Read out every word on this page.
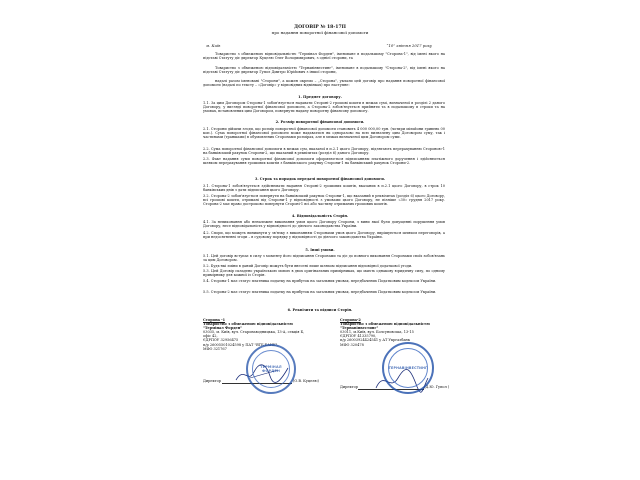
ДОГОВІР № 18-17П
про надання поворотної фінансової допомоги
м. Київ	“10” квітня 2017 року

Товариство з обмеженою відповідальністю "Термінал Форден", іменоване в подальшому "Сторона-1", від імені якого на підставі Статуту діє директор Куцелю Олег Володимирович, з однієї сторони, та

Товариство з обмеженою відповідальністю "Тернавінвестинг", іменоване в подальшому "Сторона-2", від імені якого на підставі Статуту діє директор Гупол Дмитро Юрійович з іншої сторони,

надалі разом іменовані "Сторони", а кожен окремо – „Сторона", уклали цей договір про надання поворотної фінансової допомоги (надалі по тексту – «Договір» у відповідних відмінках) про наступне:

1. Предмет договору.

1.1. За цим Договором Сторона-1 зобов'язується надавати Стороні-2 грошові кошти в межах сумі, визначеної в розділі 2 даного Договору, у вигляді поворотної фінансової допомоги, а Сторона-2 зобов'язується прийняти та в подальшому в строки та на умовах, встановлених цим Договором, повернути надану поворотну фінансову допомогу.

2. Розмір поворотної фінансової допомоги.

2.1. Сторони дійшли згоди, що розмір поворотної фінансової допомоги становить 4 000 000,00 грн. (чотири мільйони гривень 00 коп.). Сума поворотної фінансової допомоги може надаватися як одноразово на всю визначену цим Договором суму, так і частинами (траншами) в обумовлених Сторонами розмірах, але в межах визначеної цим Договором суми.

2.2. Сума поворотної фінансової допомоги в межах сум, вказаної в п.2.1 цього Договору, підлягають перерахуванню Стороною-1 на банківський рахунок Сторони-2, що вказаний в реквізитах (розділ 6) даного Договору.

2.3. Факт надання суми поворотної фінансової допомоги оформлюється підписанням платіжного доручення і здійснюється шляхом перерахування грошових коштів з банківського рахунку Сторони-1 на банківський рахунок Сторони-2.

3. Строк та порядок передачі поворотної фінансової допомоги.

3.1. Сторона-1 зобов'язується здійснювати надання Стороні-2 грошових коштів, вказаних в п.2.1 цього Договору, в строк 10 банківських днів з дати підписання цього Договору.

3.2. Сторона-2 зобов'язується повернути на банківський рахунок Сторони-1, що вказаний в реквізитах (розділ 6) цього Договору, всі грошові кошти, отримані від Сторони-1 у відповідності з умовами цього Договору, не пізніше «30» грудня 2017 року. Сторона-2 має право достроково повернути Стороні-1 всі або частину отриманих грошових коштів.

4. Відповідальність Сторін.

4.1. За невиконання або неналежне виконання умов цього Договору Сторони, з вини якої були допущенні порушення умов Договору, несе відповідальність у відповідності до діючого законодавства України.

4.2. Спори, що можуть виникнути у зв'язку з виконанням Сторонами умов цього Договору, вирішуються шляхом переговорів, а при недосягненні згоди – в судовому порядку у відповідності до діючого законодавства України.

5. Інші умови.

5.1. Цей договір вступає в силу з моменту його підписання Сторонами та діє до повного виконання Сторонами своїх зобов'язань за цим Договором.

5.2. Будь-які зміни в даний Договір можуть бути внесені лише шляхом підписання відповідної додаткової угоди.

5.3. Цей Договір складено українською мовою в двох оригінальних примірниках, що мають однакову юридичну силу, по одному примірнику для кожної із Сторін.

5.4. Сторона-1 має статус платника податку на прибуток на загальних умовах, передбачених Податковим кодексом України.

5.5. Сторона-2 має статус платника податку на прибуток на загальних умовах, передбачених Податковим кодексом України.

6. Реквізити та підписи Сторін.
Сторона -1
Товариство з обмеженою відповідальністю
"Термінал Форден"
03035, м. Київ, вул. Старонаводницька, 13-А, секція Б,
офіс 42,
ЄДРПОУ 32956475
п/р 26005501024598 у ПАТ "ВТБ БАНК",
МФО 321767
Сторона-2
Товариство з обмеженою відповідальністю
"Тернавінвестинг"
03011, м.Київ, вул. Болсуновська, 13-15
ЄДРПОУ 41335790,
п/р 26003924424541 у АТ Укргазбанк
МФО 320478
Директор	(О.В. Куцелю)
ТЕРМІНАЛ ФОРДЕН
Директор	(Д.Ю. Гупол )
ТЕРНАВІНВЕСТИНГ
